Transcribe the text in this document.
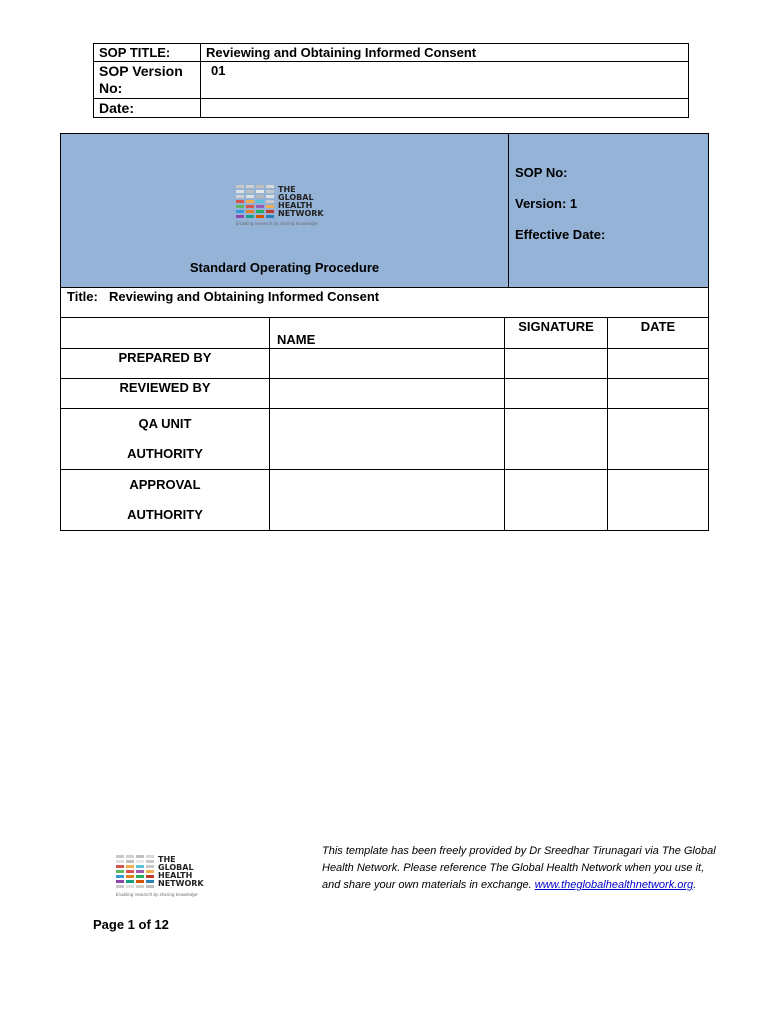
SOP TITLE:	Reviewing and Obtaining Informed Consent

SOP Version
No:	01
Date:	
THE
GLOBAL
HEALTH
NETWORK
Enabling research by sharing knowledge
Standard Operating Procedure
SOP No:
Version: 1
Effective Date:
Title: Reviewing and Obtaining Informed Consent
	NAME	SIGNATURE	DATE
PREPARED BY			
REVIEWED BY			

QA UNIT
AUTHORITY			

APPROVAL
AUTHORITY			

THE
GLOBAL
HEALTH
NETWORK
Enabling research by sharing knowledge
This template has been freely provided by Dr Sreedhar Tirunagari via The Global Health Network. Please reference The Global Health Network when you use it, and share your own materials in exchange. www.theglobalhealthnetwork.org.
Page 1 of 12
